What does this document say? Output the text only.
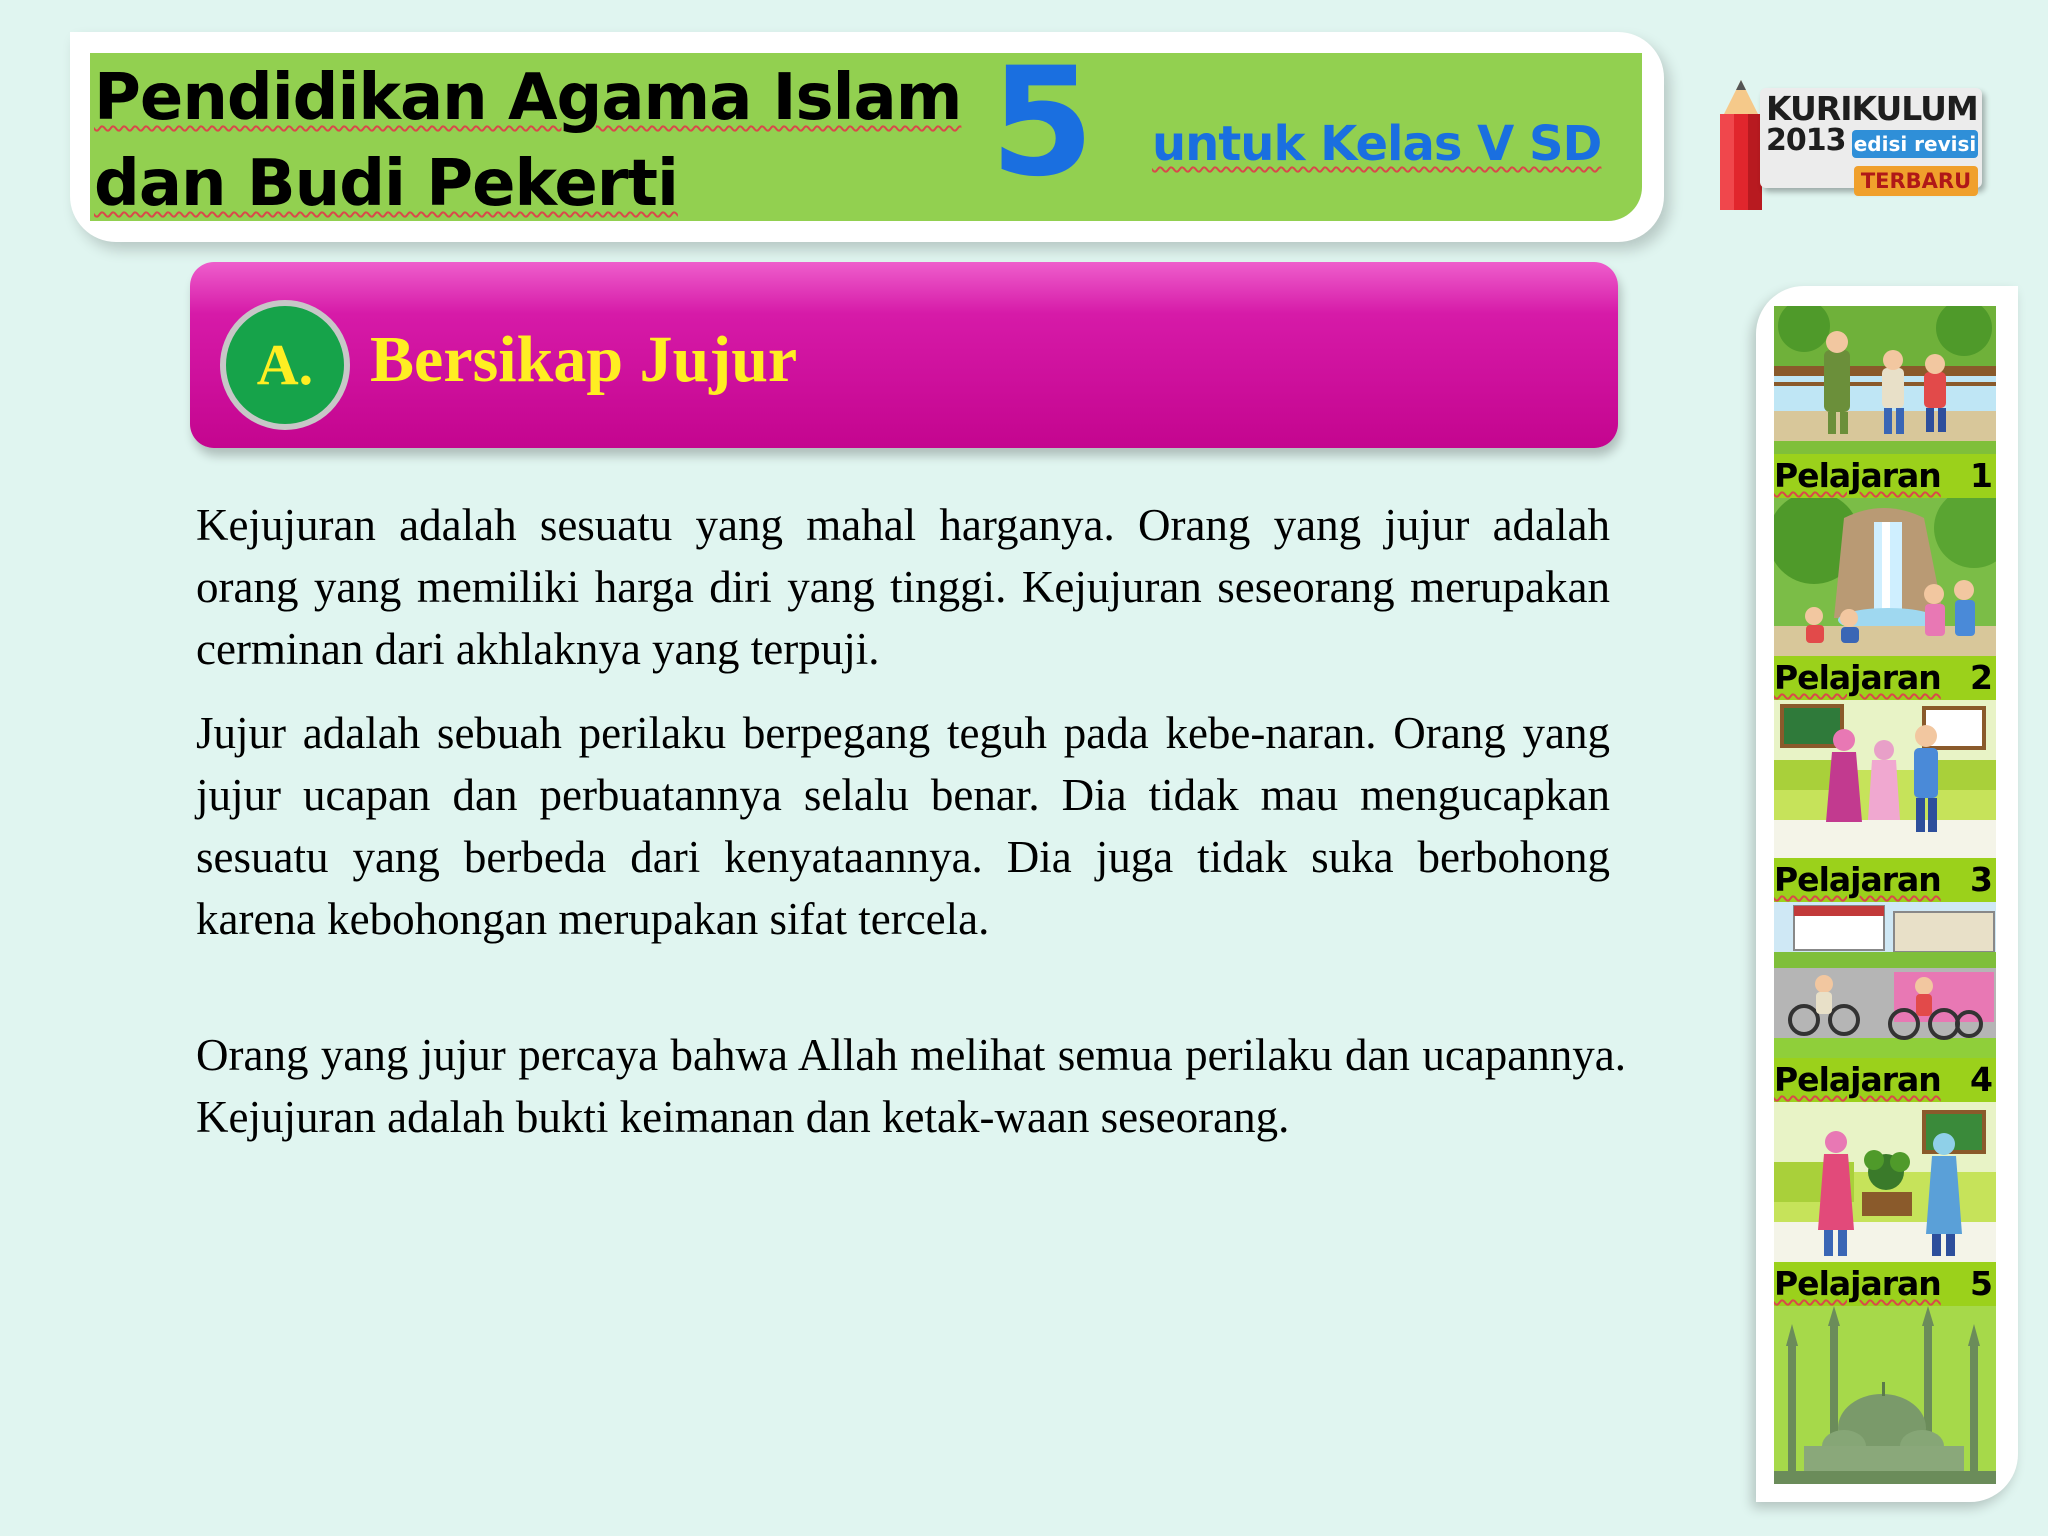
Pendidikan Agama Islam
dan Budi Pekerti 5 untuk Kelas V SD
KURIKULUM
2013 edisi revisi
TERBARU
A. Bersikap Jujur

Kejujuran adalah sesuatu yang mahal harganya. Orang yang jujur adalah orang yang memiliki harga diri yang tinggi. Kejujuran seseorang merupakan cerminan dari akhlaknya yang terpuji.

Jujur adalah sebuah perilaku berpegang teguh pada kebe-naran. Orang yang jujur ucapan dan perbuatannya selalu benar. Dia tidak mau mengucapkan sesuatu yang berbeda dari kenyataannya. Dia juga tidak suka berbohong karena kebohongan merupakan sifat tercela.

Orang yang jujur percaya bahwa Allah melihat semua perilaku dan ucapannya. Kejujuran adalah bukti keimanan dan ketak-waan seseorang.

Pelajaran 1
Pelajaran 2
Pelajaran 3
Pelajaran 4
Pelajaran 5
